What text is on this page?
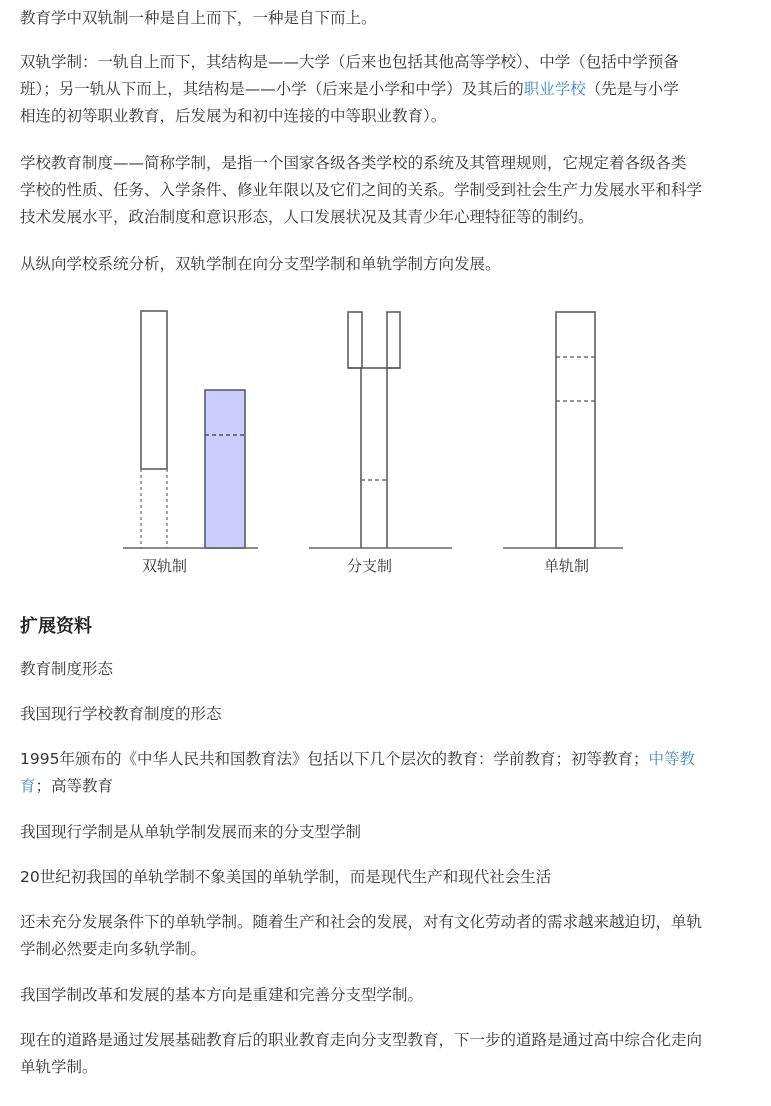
教育学中双轨制一种是自上而下，一种是自下而上。

双轨学制：一轨自上而下，其结构是——大学（后来也包括其他高等学校）、中学（包括中学预备
班）；另一轨从下而上，其结构是——小学（后来是小学和中学）及其后的职业学校（先是与小学
相连的初等职业教育，后发展为和初中连接的中等职业教育）。

学校教育制度——简称学制，是指一个国家各级各类学校的系统及其管理规则，它规定着各级各类
学校的性质、任务、入学条件、修业年限以及它们之间的关系。学制受到社会生产力发展水平和科学
技术发展水平，政治制度和意识形态，人口发展状况及其青少年心理特征等的制约。

从纵向学校系统分析，双轨学制在向分支型学制和单轨学制方向发展。

双轨制	分支制	单轨制
扩展资料

教育制度形态

我国现行学校教育制度的形态

1995年颁布的《中华人民共和国教育法》包括以下几个层次的教育：学前教育；初等教育；中等教
育；高等教育

我国现行学制是从单轨学制发展而来的分支型学制

20世纪初我国的单轨学制不象美国的单轨学制，而是现代生产和现代社会生活

还未充分发展条件下的单轨学制。随着生产和社会的发展，对有文化劳动者的需求越来越迫切，单轨
学制必然要走向多轨学制。

我国学制改革和发展的基本方向是重建和完善分支型学制。

现在的道路是通过发展基础教育后的职业教育走向分支型教育，下一步的道路是通过高中综合化走向
单轨学制。
